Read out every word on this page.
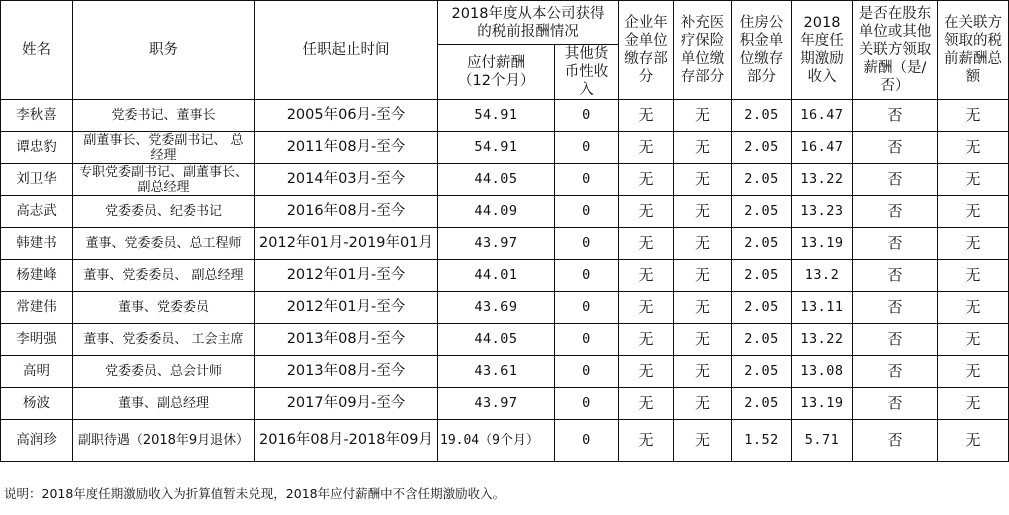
姓名	职务	任职起止时间	2018年度从本公司获得的税前报酬情况		企业年金单位缴存部分	补充医疗保险单位缴存部分	住房公积金单位缴存部分	2018年度任期激励收入	是否在股东单位或其他关联方领取薪酬（是/否）	在关联方领取的税前薪酬总额
			应付薪酬（12个月）	其他货币性收入						
李秋喜	党委书记、董事长	2005年06月-至今	54.91	0	无	无	2.05	16.47	否	无
谭忠豹	副董事长、党委副书记、 总经理	2011年08月-至今	54.91	0	无	无	2.05	16.47	否	无
刘卫华	专职党委副书记、副董事长、副总经理	2014年03月-至今	44.05	0	无	无	2.05	13.22	否	无
高志武	党委委员、纪委书记	2016年08月-至今	44.09	0	无	无	2.05	13.23	否	无
韩建书	董事、党委委员、总工程师	2012年01月-2019年01月	43.97	0	无	无	2.05	13.19	否	无
杨建峰	董事、党委委员、 副总经理	2012年01月-至今	44.01	0	无	无	2.05	13.2	否	无
常建伟	董事、党委委员	2012年01月-至今	43.69	0	无	无	2.05	13.11	否	无
李明强	董事、党委委员、 工会主席	2013年08月-至今	44.05	0	无	无	2.05	13.22	否	无
高明	党委委员、总会计师	2013年08月-至今	43.61	0	无	无	2.05	13.08	否	无
杨波	董事、副总经理	2017年09月-至今	43.97	0	无	无	2.05	13.19	否	无
高润珍	副职待遇（2018年9月退休）	2016年08月-2018年09月	19.04（9个月）	0	无	无	1.52	5.71	否	无
说明：2018年度任期激励收入为折算值暂未兑现，2018年应付薪酬中不含任期激励收入。
